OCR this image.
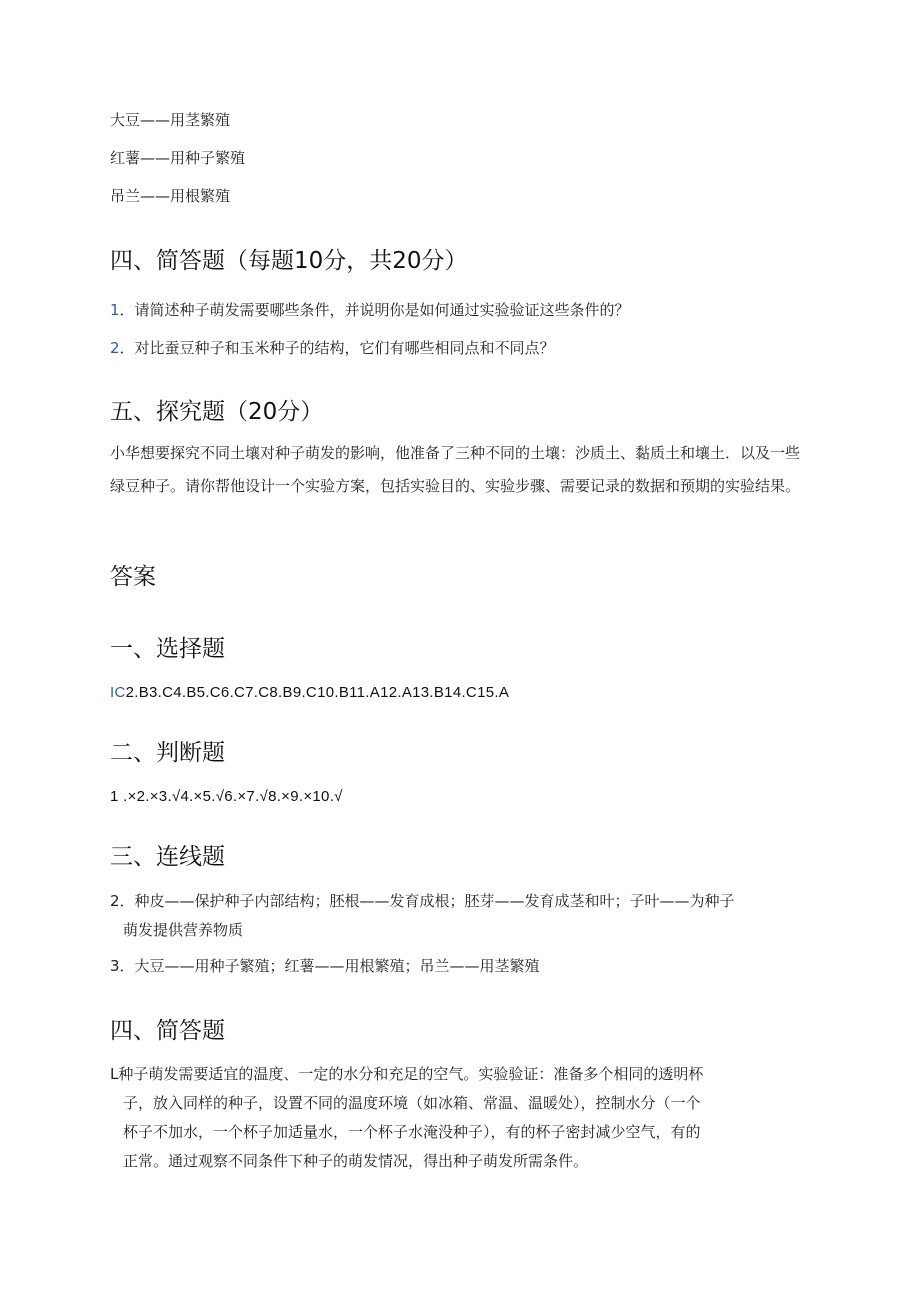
大豆——用茎繁殖

红薯——用种子繁殖

吊兰——用根繁殖

四、简答题（每题10分，共20分）

1．请简述种子萌发需要哪些条件，并说明你是如何通过实验验证这些条件的？

2．对比蚕豆种子和玉米种子的结构，它们有哪些相同点和不同点？

五、探究题（20分）

小华想要探究不同土壤对种子萌发的影响，他准备了三种不同的土壤：沙质土、黏质土和壤土．以及一些绿豆种子。请你帮他设计一个实验方案，包括实验目的、实验步骤、需要记录的数据和预期的实验结果。

答案
一、选择题

IC2.B3.C4.B5.C6.C7.C8.B9.C10.B11.A12.A13.B14.C15.A

二、判断题

1 .×2.×3.√4.×5.√6.×7.√8.×9.×10.√

三、连线题
2．种皮——保护种子内部结构；胚根——发育成根；胚芽——发育成茎和叶；子叶——为种子
萌发提供营养物质

3．大豆——用种子繁殖；红薯——用根繁殖；吊兰——用茎繁殖

四、简答题
L种子萌发需要适宜的温度、一定的水分和充足的空气。实验验证：准备多个相同的透明杯
子，放入同样的种子，设置不同的温度环境（如冰箱、常温、温暖处），控制水分（一个
杯子不加水，一个杯子加适量水，一个杯子水淹没种子），有的杯子密封减少空气，有的
正常。通过观察不同条件下种子的萌发情况，得出种子萌发所需条件。
